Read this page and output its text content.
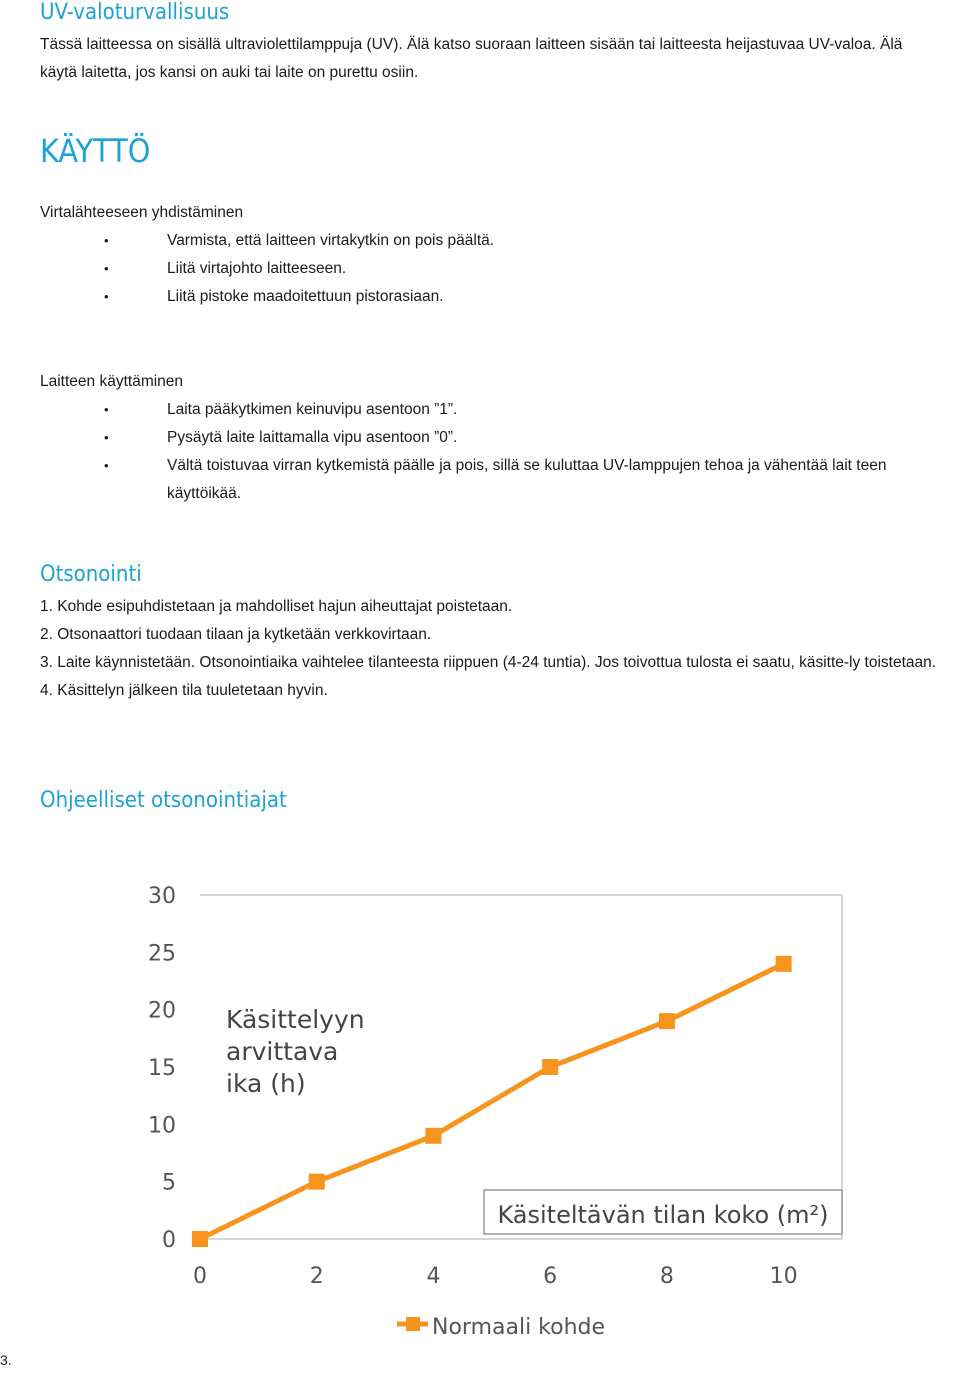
UV-valoturvallisuus

Tässä laitteessa on sisällä ultraviolettilamppuja (UV). Älä katso suoraan laitteen sisään tai laitteesta heijastuvaa UV-valoa. Älä käytä laitetta, jos kansi on auki tai laite on purettu osiin.

KÄYTTÖ

Virtalähteeseen yhdistäminen

• Varmista, että laitteen virtakytkin on pois päältä.
• Liitä virtajohto laitteeseen.
• Liitä pistoke maadoitettuun pistorasiaan.

Laitteen käyttäminen

• Laita pääkytkimen keinuvipu asentoon ”1”.
• Pysäytä laite laittamalla vipu asentoon ”0”.
• Vältä toistuvaa virran kytkemistä päälle ja pois, sillä se kuluttaa UV-lamppujen tehoa ja vähentää lait teen käyttöikää.
Otsonointi
1. Kohde esipuhdistetaan ja mahdolliset hajun aiheuttajat poistetaan.
2. Otsonaattori tuodaan tilaan ja kytketään verkkovirtaan.
3. Laite käynnistetään. Otsonointiaika vaihtelee tilanteesta riippuen (4-24 tuntia). Jos toivottua tulosta ei saatu, käsitte-ly toistetaan.
4. Käsittelyn jälkeen tila tuuletetaan hyvin.
Ohjeelliset otsonointiajat
0
5
10
15
20
25
30
0	2	4	6	8	10
Käsittelyyn
arvittava
ika (h)
Käsiteltävän tilan koko (m²)
Normaali kohde
3.
